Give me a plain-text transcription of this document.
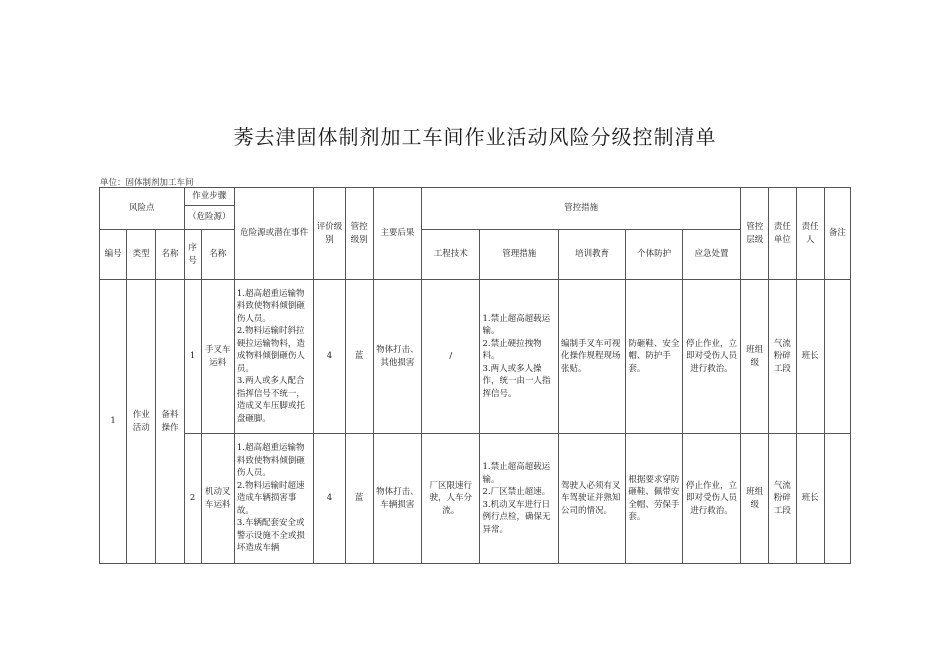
莠去津固体制剂加工车间作业活动风险分级控制清单
单位：固体制剂加工车间
风险点			作业步骤		危险源或潜在事件	评价级别	管控级别	主要后果	管控措施					管控层级	责任单位	责任人	备注
			（危险源）														
编号	类型	名称	序号	名称					工程技术	管理措施	培训教育	个体防护	应急处置				
1	作业活动	备料操作	1	手叉车运料	1.超高超重运输物料致使物料倾倒砸伤人员。
2.物料运输时斜拉硬拉运输物料，造成物料倾倒砸伤人员。
3.两人或多人配合指挥信号不统一，造成叉车压脚或托盘砸脚。	4	蓝	物体打击、其他损害	/	1.禁止超高超载运输。
2.禁止硬拉拽物料。
3.两人或多人操作，统一由一人指挥信号。	编制手叉车可视化操作规程现场张贴。	防砸鞋、安全帽、防护手套。	停止作业，立即对受伤人员进行救治。	班组级	气流粉碎工段	班长	
			2	机动叉车运料	1.超高超重运输物料致使物料倾倒砸伤人员。
2.物料运输时超速造成车辆损害事故。
3.车辆配套安全或警示设施不全或损坏造成车辆	4	蓝	物体打击、车辆损害	厂区限速行驶，人车分流。	1.禁止超高超载运输。
2.厂区禁止超速。3.机动叉车进行日例行点检，确保无异常。	驾驶人必须有叉车驾驶证并熟知公司的情况。	根据要求穿防砸鞋、佩带安全帽、劳保手套。	停止作业，立即对受伤人员进行救治。	班组级	气流粉碎工段	班长	
